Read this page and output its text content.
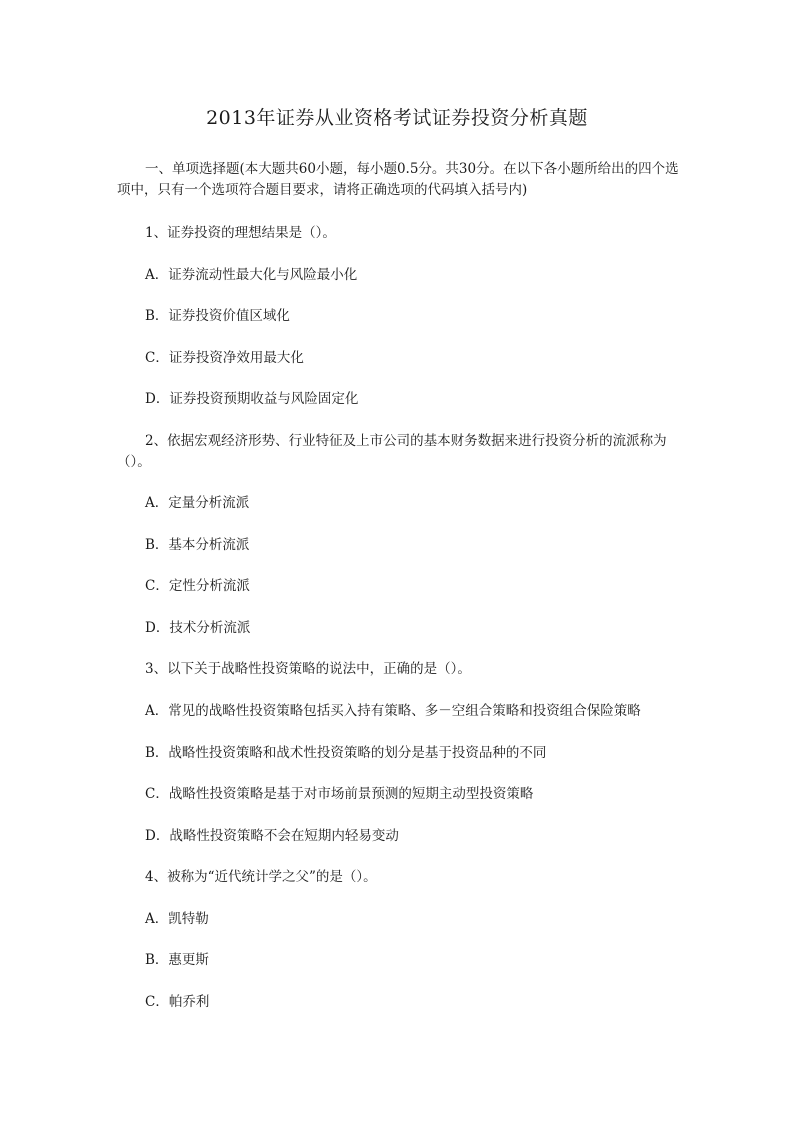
2013年证券从业资格考试证券投资分析真题
一、单项选择题(本大题共60小题，每小题0.5分。共30分。在以下各小题所给出的四个选项中，只有一个选项符合题目要求，请将正确选项的代码填入括号内)
1、证券投资的理想结果是（）。
A．证券流动性最大化与风险最小化
B．证券投资价值区域化
C．证券投资净效用最大化
D．证券投资预期收益与风险固定化
2、依据宏观经济形势、行业特征及上市公司的基本财务数据来进行投资分析的流派称为（）。
A．定量分析流派
B．基本分析流派
C．定性分析流派
D．技术分析流派
3、以下关于战略性投资策略的说法中，正确的是（）。
A．常见的战略性投资策略包括买入持有策略、多－空组合策略和投资组合保险策略
B．战略性投资策略和战术性投资策略的划分是基于投资品种的不同
C．战略性投资策略是基于对市场前景预测的短期主动型投资策略
D．战略性投资策略不会在短期内轻易变动
4、被称为“近代统计学之父”的是（）。
A．凯特勒
B．惠更斯
C．帕乔利
